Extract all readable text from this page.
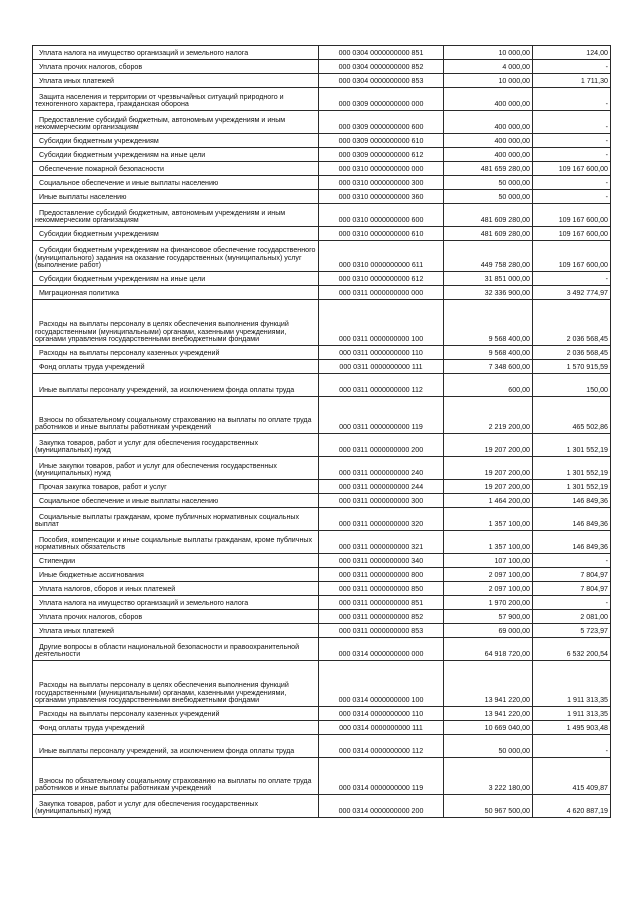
Уплата налога на имущество организаций и земельного налога	000 0304 0000000000 851	10 000,00	124,00
Уплата прочих налогов, сборов	000 0304 0000000000 852	4 000,00	-
Уплата иных платежей	000 0304 0000000000 853	10 000,00	1 711,30
Защита населения и территории от чрезвычайных ситуаций природного и техногенного характера, гражданская оборона	000 0309 0000000000 000	400 000,00	-
Предоставление субсидий бюджетным, автономным учреждениям и иным некоммерческим организациям	000 0309 0000000000 600	400 000,00	-
Субсидии бюджетным учреждениям	000 0309 0000000000 610	400 000,00	-
Субсидии бюджетным учреждениям на иные цели	000 0309 0000000000 612	400 000,00	-
Обеспечение пожарной безопасности	000 0310 0000000000 000	481 659 280,00	109 167 600,00
Социальное обеспечение и иные выплаты населению	000 0310 0000000000 300	50 000,00	-
Иные выплаты населению	000 0310 0000000000 360	50 000,00	-
Предоставление субсидий бюджетным, автономным учреждениям и иным некоммерческим организациям	000 0310 0000000000 600	481 609 280,00	109 167 600,00
Субсидии бюджетным учреждениям	000 0310 0000000000 610	481 609 280,00	109 167 600,00
Субсидии бюджетным учреждениям на финансовое обеспечение государственного (муниципального) задания на оказание государственных (муниципальных) услуг (выполнение работ)	000 0310 0000000000 611	449 758 280,00	109 167 600,00
Субсидии бюджетным учреждениям на иные цели	000 0310 0000000000 612	31 851 000,00	-
Миграционная политика	000 0311 0000000000 000	32 336 900,00	3 492 774,97
Расходы на выплаты персоналу в целях обеспечения выполнения функций государственными (муниципальными) органами, казенными учреждениями, органами управления государственными внебюджетными фондами	000 0311 0000000000 100	9 568 400,00	2 036 568,45
Расходы на выплаты персоналу казенных учреждений	000 0311 0000000000 110	9 568 400,00	2 036 568,45
Фонд оплаты труда учреждений	000 0311 0000000000 111	7 348 600,00	1 570 915,59
Иные выплаты персоналу учреждений, за исключением фонда оплаты труда	000 0311 0000000000 112	600,00	150,00
Взносы по обязательному социальному страхованию на выплаты по оплате труда работников и иные выплаты работникам учреждений	000 0311 0000000000 119	2 219 200,00	465 502,86
Закупка товаров, работ и услуг для обеспечения государственных (муниципальных) нужд	000 0311 0000000000 200	19 207 200,00	1 301 552,19
Иные закупки товаров, работ и услуг для обеспечения государственных (муниципальных) нужд	000 0311 0000000000 240	19 207 200,00	1 301 552,19
Прочая закупка товаров, работ и услуг	000 0311 0000000000 244	19 207 200,00	1 301 552,19
Социальное обеспечение и иные выплаты населению	000 0311 0000000000 300	1 464 200,00	146 849,36
Социальные выплаты гражданам, кроме публичных нормативных социальных выплат	000 0311 0000000000 320	1 357 100,00	146 849,36
Пособия, компенсации и иные социальные выплаты гражданам, кроме публичных нормативных обязательств	000 0311 0000000000 321	1 357 100,00	146 849,36
Стипендии	000 0311 0000000000 340	107 100,00	-
Иные бюджетные ассигнования	000 0311 0000000000 800	2 097 100,00	7 804,97
Уплата налогов, сборов и иных платежей	000 0311 0000000000 850	2 097 100,00	7 804,97
Уплата налога на имущество организаций и земельного налога	000 0311 0000000000 851	1 970 200,00	-
Уплата прочих налогов, сборов	000 0311 0000000000 852	57 900,00	2 081,00
Уплата иных платежей	000 0311 0000000000 853	69 000,00	5 723,97
Другие вопросы в области национальной безопасности и правоохранительной деятельности	000 0314 0000000000 000	64 918 720,00	6 532 200,54
Расходы на выплаты персоналу в целях обеспечения выполнения функций государственными (муниципальными) органами, казенными учреждениями, органами управления государственными внебюджетными фондами	000 0314 0000000000 100	13 941 220,00	1 911 313,35
Расходы на выплаты персоналу казенных учреждений	000 0314 0000000000 110	13 941 220,00	1 911 313,35
Фонд оплаты труда учреждений	000 0314 0000000000 111	10 669 040,00	1 495 903,48
Иные выплаты персоналу учреждений, за исключением фонда оплаты труда	000 0314 0000000000 112	50 000,00	-
Взносы по обязательному социальному страхованию на выплаты по оплате труда работников и иные выплаты работникам учреждений	000 0314 0000000000 119	3 222 180,00	415 409,87
Закупка товаров, работ и услуг для обеспечения государственных (муниципальных) нужд	000 0314 0000000000 200	50 967 500,00	4 620 887,19
